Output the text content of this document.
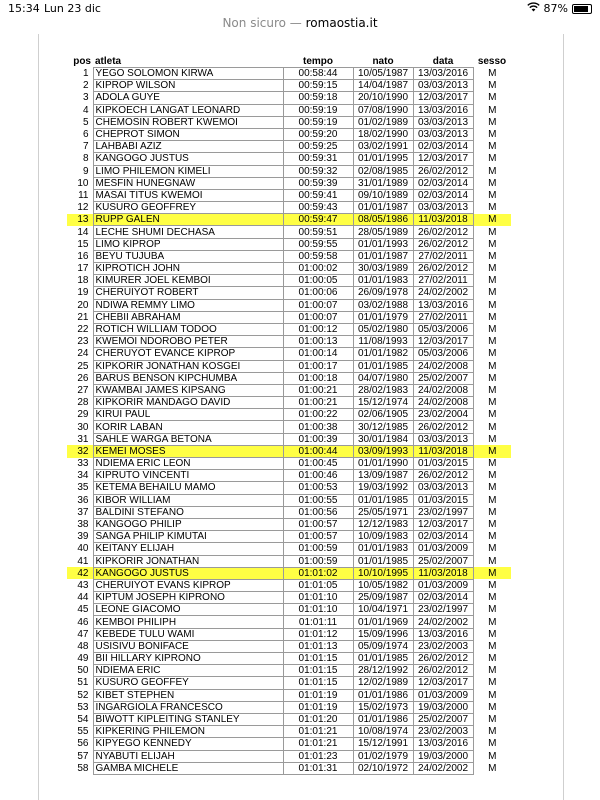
15:34 Lun 23 dic	87%
Non sicuro — romaostia.it
pos	atleta	tempo	nato	data	sesso
1	YEGO SOLOMON KIRWA	00:58:44	10/05/1987	13/03/2016	M
2	KIPROP WILSON	00:59:15	14/04/1987	03/03/2013	M
3	ADOLA GUYE	00:59:18	20/10/1990	12/03/2017	M
4	KIPKOECH LANGAT LEONARD	00:59:19	07/08/1990	13/03/2016	M
5	CHEMOSIN ROBERT KWEMOI	00:59:19	01/02/1989	03/03/2013	M
6	CHEPROT SIMON	00:59:20	18/02/1990	03/03/2013	M
7	LAHBABI AZIZ	00:59:25	03/02/1991	02/03/2014	M
8	KANGOGO JUSTUS	00:59:31	01/01/1995	12/03/2017	M
9	LIMO PHILEMON KIMELI	00:59:32	02/08/1985	26/02/2012	M
10	MESFIN HUNEGNAW	00:59:39	31/01/1989	02/03/2014	M
11	MASAI TITUS KWEMOI	00:59:41	09/10/1989	02/03/2014	M
12	KUSURO GEOFFREY	00:59:43	01/01/1987	03/03/2013	M
13	RUPP GALEN	00:59:47	08/05/1986	11/03/2018	M
14	LECHE SHUMI DECHASA	00:59:51	28/05/1989	26/02/2012	M
15	LIMO KIPROP	00:59:55	01/01/1993	26/02/2012	M
16	BEYU TUJUBA	00:59:58	01/01/1987	27/02/2011	M
17	KIPROTICH JOHN	01:00:02	30/03/1989	26/02/2012	M
18	KIMURER JOEL KEMBOI	01:00:05	01/01/1983	27/02/2011	M
19	CHERUIYOT ROBERT	01:00:06	26/09/1978	24/02/2002	M
20	NDIWA REMMY LIMO	01:00:07	03/02/1988	13/03/2016	M
21	CHEBII ABRAHAM	01:00:07	01/01/1979	27/02/2011	M
22	ROTICH WILLIAM TODOO	01:00:12	05/02/1980	05/03/2006	M
23	KWEMOI NDOROBO PETER	01:00:13	11/08/1993	12/03/2017	M
24	CHERUYOT EVANCE KIPROP	01:00:14	01/01/1982	05/03/2006	M
25	KIPKORIR JONATHAN KOSGEI	01:00:17	01/01/1985	24/02/2008	M
26	BARUS BENSON KIPCHUMBA	01:00:18	04/07/1980	25/02/2007	M
27	KWAMBAI JAMES KIPSANG	01:00:21	28/02/1983	24/02/2008	M
28	KIPKORIR MANDAGO DAVID	01:00:21	15/12/1974	24/02/2008	M
29	KIRUI PAUL	01:00:22	02/06/1905	23/02/2004	M
30	KORIR LABAN	01:00:38	30/12/1985	26/02/2012	M
31	SAHLE WARGA BETONA	01:00:39	30/01/1984	03/03/2013	M
32	KEMEI MOSES	01:00:44	03/09/1993	11/03/2018	M
33	NDIEMA ERIC LEON	01:00:45	01/01/1990	01/03/2015	M
34	KIPRUTO VINCENTI	01:00:46	13/09/1987	26/02/2012	M
35	KETEMA BEHAILU MAMO	01:00:53	19/03/1992	03/03/2013	M
36	KIBOR WILLIAM	01:00:55	01/01/1985	01/03/2015	M
37	BALDINI STEFANO	01:00:56	25/05/1971	23/02/1997	M
38	KANGOGO PHILIP	01:00:57	12/12/1983	12/03/2017	M
39	SANGA PHILIP KIMUTAI	01:00:57	10/09/1983	02/03/2014	M
40	KEITANY ELIJAH	01:00:59	01/01/1983	01/03/2009	M
41	KIPKORIR JONATHAN	01:00:59	01/01/1985	25/02/2007	M
42	KANGOGO JUSTUS	01:01:02	10/10/1995	11/03/2018	M
43	CHERUIYOT EVANS KIPROP	01:01:05	10/05/1982	01/03/2009	M
44	KIPTUM JOSEPH KIPRONO	01:01:10	25/09/1987	02/03/2014	M
45	LEONE GIACOMO	01:01:10	10/04/1971	23/02/1997	M
46	KEMBOI PHILIPH	01:01:11	01/01/1969	24/02/2002	M
47	KEBEDE TULU WAMI	01:01:12	15/09/1996	13/03/2016	M
48	USISIVU BONIFACE	01:01:13	05/09/1974	23/02/2003	M
49	BII HILLARY KIPRONO	01:01:15	01/01/1985	26/02/2012	M
50	NDIEMA ERIC	01:01:15	28/12/1992	26/02/2012	M
51	KUSURO GEOFFEY	01:01:15	12/02/1989	12/03/2017	M
52	KIBET STEPHEN	01:01:19	01/01/1986	01/03/2009	M
53	INGARGIOLA FRANCESCO	01:01:19	15/02/1973	19/03/2000	M
54	BIWOTT KIPLEITING STANLEY	01:01:20	01/01/1986	25/02/2007	M
55	KIPKERING PHILEMON	01:01:21	10/08/1974	23/02/2003	M
56	KIPYEGO KENNEDY	01:01:21	15/12/1991	13/03/2016	M
57	NYABUTI ELIJAH	01:01:23	01/02/1979	19/03/2000	M
58	GAMBA MICHELE	01:01:31	02/10/1972	24/02/2002	M
